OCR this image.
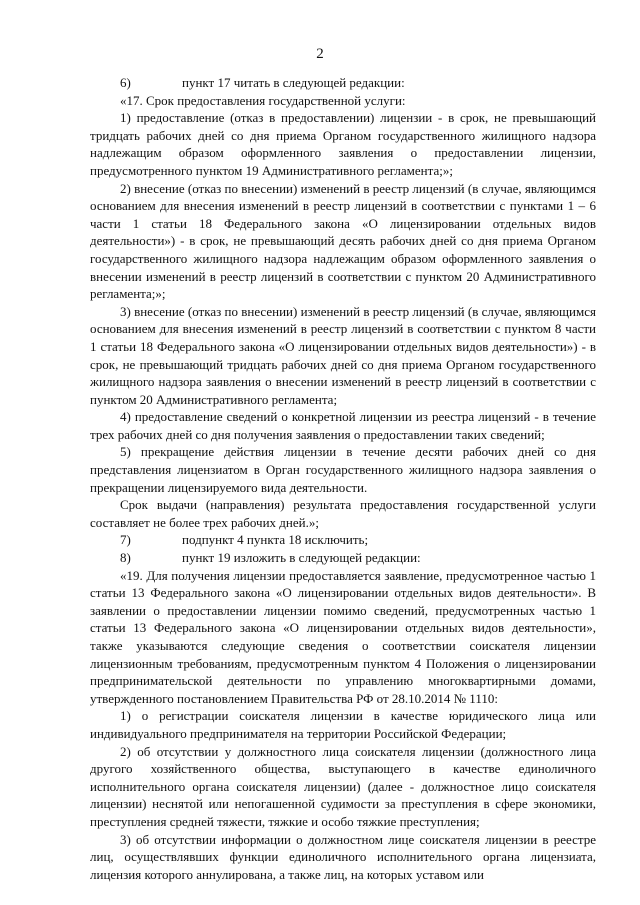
2

6)	пункт 17 читать в следующей редакции:

«17. Срок предоставления государственной услуги:

1) предоставление (отказ в предоставлении) лицензии - в срок, не превышающий тридцать рабочих дней со дня приема Органом государственного жилищного надзора надлежащим образом оформленного заявления о предоставлении лицензии, предусмотренного пунктом 19 Административного регламента;»;

2) внесение (отказ по внесении) изменений в реестр лицензий (в случае, являющимся основанием для внесения изменений в реестр лицензий в соответствии с пунктами 1 – 6 части 1 статьи 18 Федерального закона «О лицензировании отдельных видов деятельности») - в срок, не превышающий десять рабочих дней со дня приема Органом государственного жилищного надзора надлежащим образом оформленного заявления о внесении изменений в реестр лицензий в соответствии с пунктом 20 Административного регламента;»;

3) внесение (отказ по внесении) изменений в реестр лицензий (в случае, являющимся основанием для внесения изменений в реестр лицензий в соответствии с пунктом 8 части 1 статьи 18 Федерального закона «О лицензировании отдельных видов деятельности») - в срок, не превышающий тридцать рабочих дней со дня приема Органом государственного жилищного надзора заявления о внесении изменений в реестр лицензий в соответствии с пунктом 20 Административного регламента;

4) предоставление сведений о конкретной лицензии из реестра лицензий - в течение трех рабочих дней со дня получения заявления о предоставлении таких сведений;

5) прекращение действия лицензии в течение десяти рабочих дней со дня представления лицензиатом в Орган государственного жилищного надзора заявления о прекращении лицензируемого вида деятельности.

Срок выдачи (направления) результата предоставления государственной услуги составляет не более трех рабочих дней.»;

7)	подпункт 4 пункта 18 исключить;

8)	пункт 19 изложить в следующей редакции:

«19. Для получения лицензии предоставляется заявление, предусмотренное частью 1 статьи 13 Федерального закона «О лицензировании отдельных видов деятельности». В заявлении о предоставлении лицензии помимо сведений, предусмотренных частью 1 статьи 13 Федерального закона «О лицензировании отдельных видов деятельности», также указываются следующие сведения о соответствии соискателя лицензии лицензионным требованиям, предусмотренным пунктом 4 Положения о лицензировании предпринимательской деятельности по управлению многоквартирными домами, утвержденного постановлением Правительства РФ от 28.10.2014 № 1110:

1) о регистрации соискателя лицензии в качестве юридического лица или индивидуального предпринимателя на территории Российской Федерации;

2) об отсутствии у должностного лица соискателя лицензии (должностного лица другого хозяйственного общества, выступающего в качестве единоличного исполнительного органа соискателя лицензии) (далее - должностное лицо соискателя лицензии) неснятой или непогашенной судимости за преступления в сфере экономики, преступления средней тяжести, тяжкие и особо тяжкие преступления;

3) об отсутствии информации о должностном лице соискателя лицензии в реестре лиц, осуществлявших функции единоличного исполнительного органа лицензиата, лицензия которого аннулирована, а также лиц, на которых уставом или
